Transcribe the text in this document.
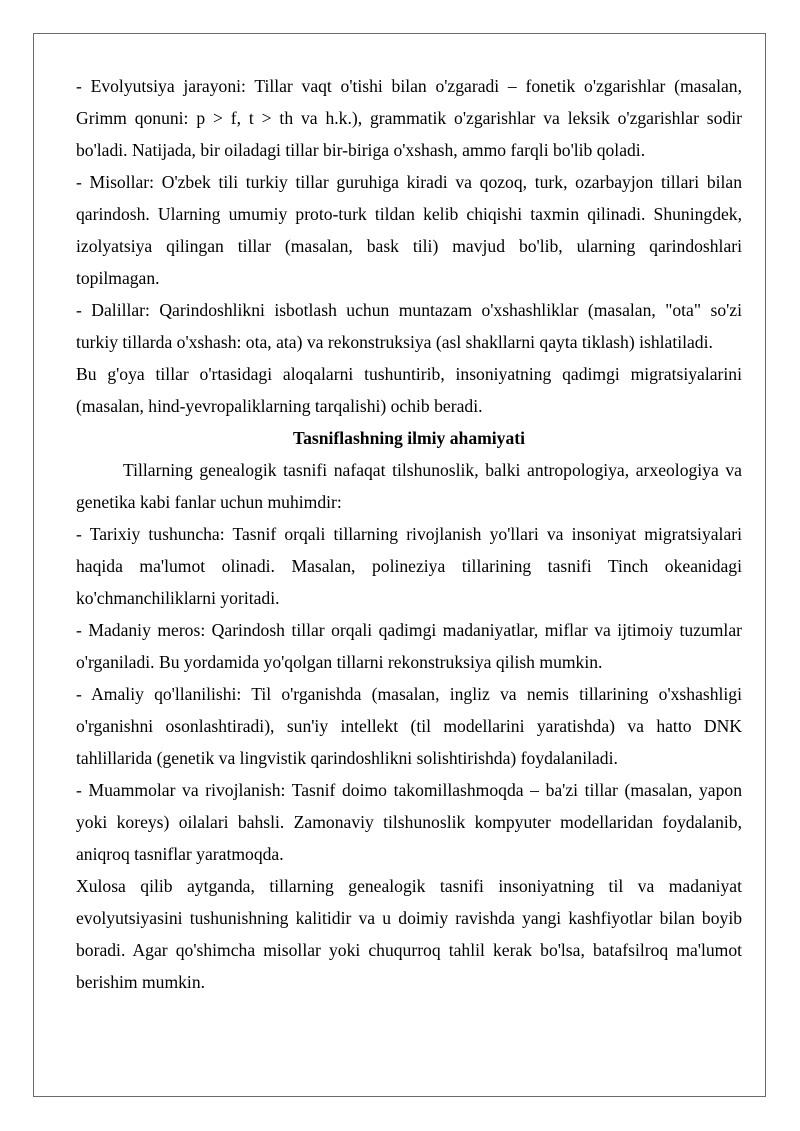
- Evolyutsiya jarayoni: Tillar vaqt o'tishi bilan o'zgaradi – fonetik o'zgarishlar (masalan, Grimm qonuni: p > f, t > th va h.k.), grammatik o'zgarishlar va leksik o'zgarishlar sodir bo'ladi. Natijada, bir oiladagi tillar bir-biriga o'xshash, ammo farqli bo'lib qoladi.

- Misollar: O'zbek tili turkiy tillar guruhiga kiradi va qozoq, turk, ozarbayjon tillari bilan qarindosh. Ularning umumiy proto-turk tildan kelib chiqishi taxmin qilinadi. Shuningdek, izolyatsiya qilingan tillar (masalan, bask tili) mavjud bo'lib, ularning qarindoshlari topilmagan.

- Dalillar: Qarindoshlikni isbotlash uchun muntazam o'xshashliklar (masalan, "ota" so'zi turkiy tillarda o'xshash: ota, ata) va rekonstruksiya (asl shakllarni qayta tiklash) ishlatiladi.

Bu g'oya tillar o'rtasidagi aloqalarni tushuntirib, insoniyatning qadimgi migratsiyalarini (masalan, hind-yevropaliklarning tarqalishi) ochib beradi.

Tasniflashning ilmiy ahamiyati

Tillarning genealogik tasnifi nafaqat tilshunoslik, balki antropologiya, arxeologiya va genetika kabi fanlar uchun muhimdir:

- Tarixiy tushuncha: Tasnif orqali tillarning rivojlanish yo'llari va insoniyat migratsiyalari haqida ma'lumot olinadi. Masalan, polineziya tillarining tasnifi Tinch okeanidagi ko'chmanchiliklarni yoritadi.

- Madaniy meros: Qarindosh tillar orqali qadimgi madaniyatlar, miflar va ijtimoiy tuzumlar o'rganiladi. Bu yordamida yo'qolgan tillarni rekonstruksiya qilish mumkin.

- Amaliy qo'llanilishi: Til o'rganishda (masalan, ingliz va nemis tillarining o'xshashligi o'rganishni osonlashtiradi), sun'iy intellekt (til modellarini yaratishda) va hatto DNK tahlillarida (genetik va lingvistik qarindoshlikni solishtirishda) foydalaniladi.

- Muammolar va rivojlanish: Tasnif doimo takomillashmoqda – ba'zi tillar (masalan, yapon yoki koreys) oilalari bahsli. Zamonaviy tilshunoslik kompyuter modellaridan foydalanib, aniqroq tasniflar yaratmoqda.

Xulosa qilib aytganda, tillarning genealogik tasnifi insoniyatning til va madaniyat evolyutsiyasini tushunishning kalitidir va u doimiy ravishda yangi kashfiyotlar bilan boyib boradi. Agar qo'shimcha misollar yoki chuqurroq tahlil kerak bo'lsa, batafsilroq ma'lumot berishim mumkin.
